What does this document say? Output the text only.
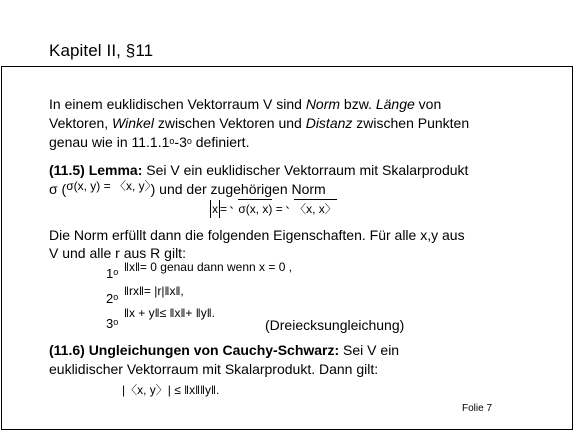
Kapitel II, §11
In einem euklidischen Vektorraum V sind Norm bzw. Länge von
Vektoren, Winkel zwischen Vektoren und Distanz zwischen Punkten
genau wie in 11.1.1$^o$-3$^o$ definiert.
(11.5) Lemma: Sei V ein euklidischer Vektorraum mit Skalarprodukt
σ (σ(x, y) = 〈x, y〉) und der zugehörigen Norm
x = σ(x, x) = 〈x, x〉
Die Norm erfüllt dann die folgenden Eigenschaften. Für alle x,y aus
V und alle r aus R gilt:
1$^o$ ‖x‖= 0 genau dann wenn x = 0 ,
2$^o$ ‖rx‖= |r|‖x‖,
3$^o$
‖x + y‖≤ ‖x‖+ ‖y‖.
(Dreiecksungleichung)
(11.6) Ungleichungen von Cauchy-Schwarz: Sei V ein
euklidischer Vektorraum mit Skalarprodukt. Dann gilt:
|〈x, y〉| ≤ ‖x‖‖y‖.
Folie 7
